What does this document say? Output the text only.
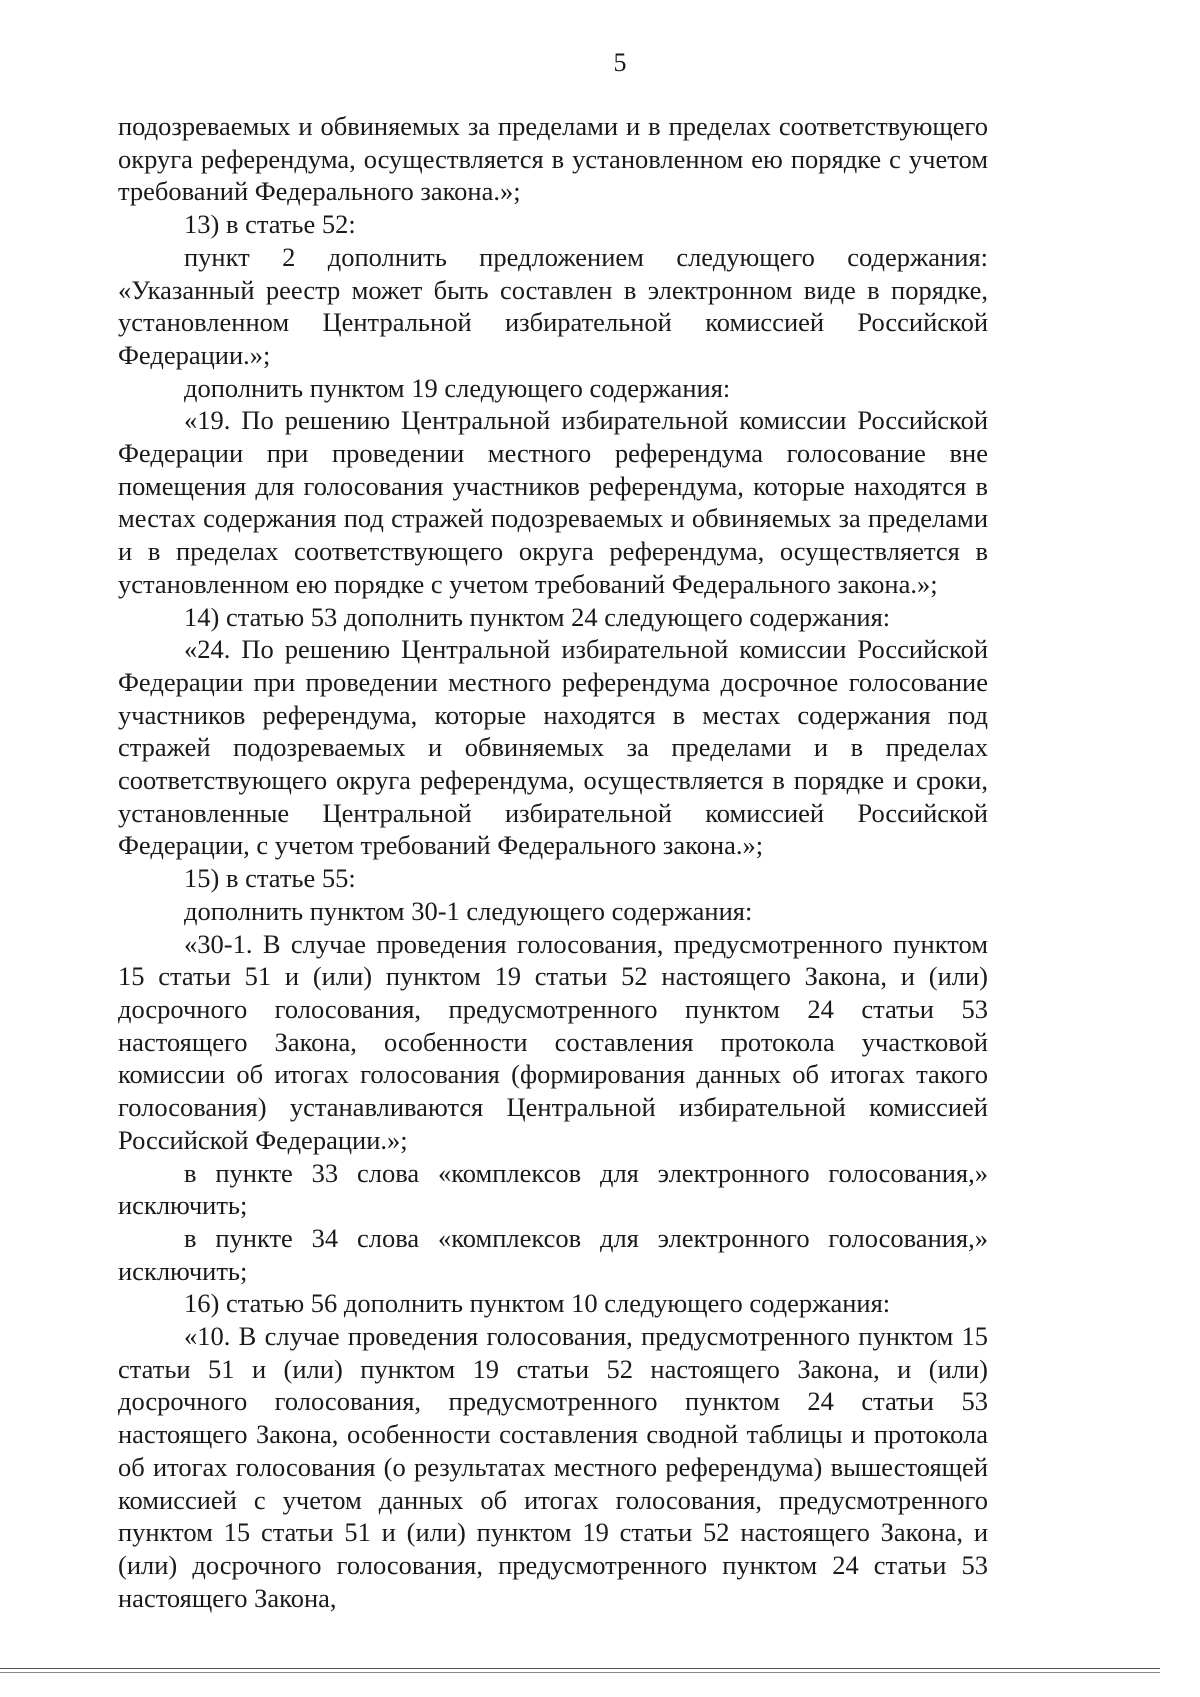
5

подозреваемых и обвиняемых за пределами и в пределах соответствующего округа референдума, осуществляется в установленном ею порядке с учетом требований Федерального закона.»;

13) в статье 52:

пункт 2 дополнить предложением следующего содержания: «Указанный реестр может быть составлен в электронном виде в порядке, установленном Центральной избирательной комиссией Российской Федерации.»;

дополнить пунктом 19 следующего содержания:

«19. По решению Центральной избирательной комиссии Российской Федерации при проведении местного референдума голосование вне помещения для голосования участников референдума, которые находятся в местах содержания под стражей подозреваемых и обвиняемых за пределами и в пределах соответствующего округа референдума, осуществляется в установленном ею порядке с учетом требований Федерального закона.»;

14) статью 53 дополнить пунктом 24 следующего содержания:

«24. По решению Центральной избирательной комиссии Российской Федерации при проведении местного референдума досрочное голосование участников референдума, которые находятся в местах содержания под стражей подозреваемых и обвиняемых за пределами и в пределах соответствующего округа референдума, осуществляется в порядке и сроки, установленные Центральной избирательной комиссией Российской Федерации, с учетом требований Федерального закона.»;

15) в статье 55:

дополнить пунктом 30-1 следующего содержания:

«30-1. В случае проведения голосования, предусмотренного пунктом 15 статьи 51 и (или) пунктом 19 статьи 52 настоящего Закона, и (или) досрочного голосования, предусмотренного пунктом 24 статьи 53 настоящего Закона, особенности составления протокола участковой комиссии об итогах голосования (формирования данных об итогах такого голосования) устанавливаются Центральной избирательной комиссией Российской Федерации.»;

в пункте 33 слова «комплексов для электронного голосования,» исключить;

в пункте 34 слова «комплексов для электронного голосования,» исключить;

16) статью 56 дополнить пунктом 10 следующего содержания:

«10. В случае проведения голосования, предусмотренного пунктом 15 статьи 51 и (или) пунктом 19 статьи 52 настоящего Закона, и (или) досрочного голосования, предусмотренного пунктом 24 статьи 53 настоящего Закона, особенности составления сводной таблицы и протокола об итогах голосования (о результатах местного референдума) вышестоящей комиссией с учетом данных об итогах голосования, предусмотренного пунктом 15 статьи 51 и (или) пунктом 19 статьи 52 настоящего Закона, и (или) досрочного голосования, предусмотренного пунктом 24 статьи 53 настоящего Закона,
